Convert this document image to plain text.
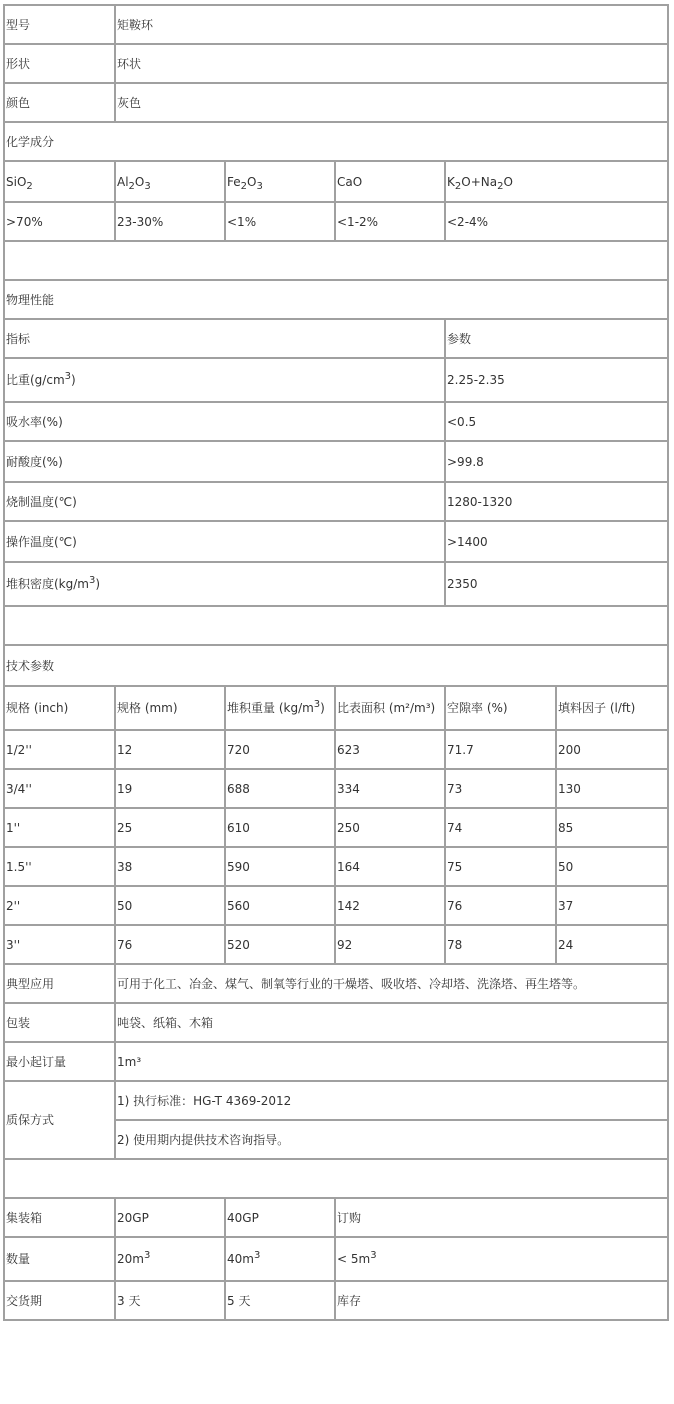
型号	矩鞍环				
形状	环状				
颜色	灰色				
化学成分					
SiO$_2$	$Al_2O_3$	$Fe_2O_3$	CaO	$K_2O+Na_2O$	
>70%	23-30%	<1%	<1-2%	<2-4%	

物理性能					
指标				参数	
比重$(g/cm^3)$				2.25-2.35	
吸水率(%)				<0.5	
耐酸度(%)				>99.8	
烧制温度(℃)				1280-1320	
操作温度(℃)				>1400	
堆积密度$(kg/m^3)$				2350	

技术参数					
规格 (inch)	规格 (mm)	堆积重量 $(kg/m^3)$	比表面积 (m²/m³)	空隙率 (%)	填料因子 (l/ft)
1/2''	12	720	623	71.7	200
3/4''	19	688	334	73	130
1''	25	610	250	74	85
1.5''	38	590	164	75	50
2''	50	560	142	76	37
3''	76	520	92	78	24
典型应用	可用于化工、冶金、煤气、制氧等行业的干燥塔、吸收塔、冷却塔、洗涤塔、再生塔等。				
包装	吨袋、纸箱、木箱				
最小起订量	1m³				
质保方式	1) 执行标准：HG-T 4369-2012				
	2) 使用期内提供技术咨询指导。				

集装箱	20GP	40GP	订购		
数量	$20m^3$	$40m^3$	< $5m^3$
交货期	3 天	5 天	库存		
